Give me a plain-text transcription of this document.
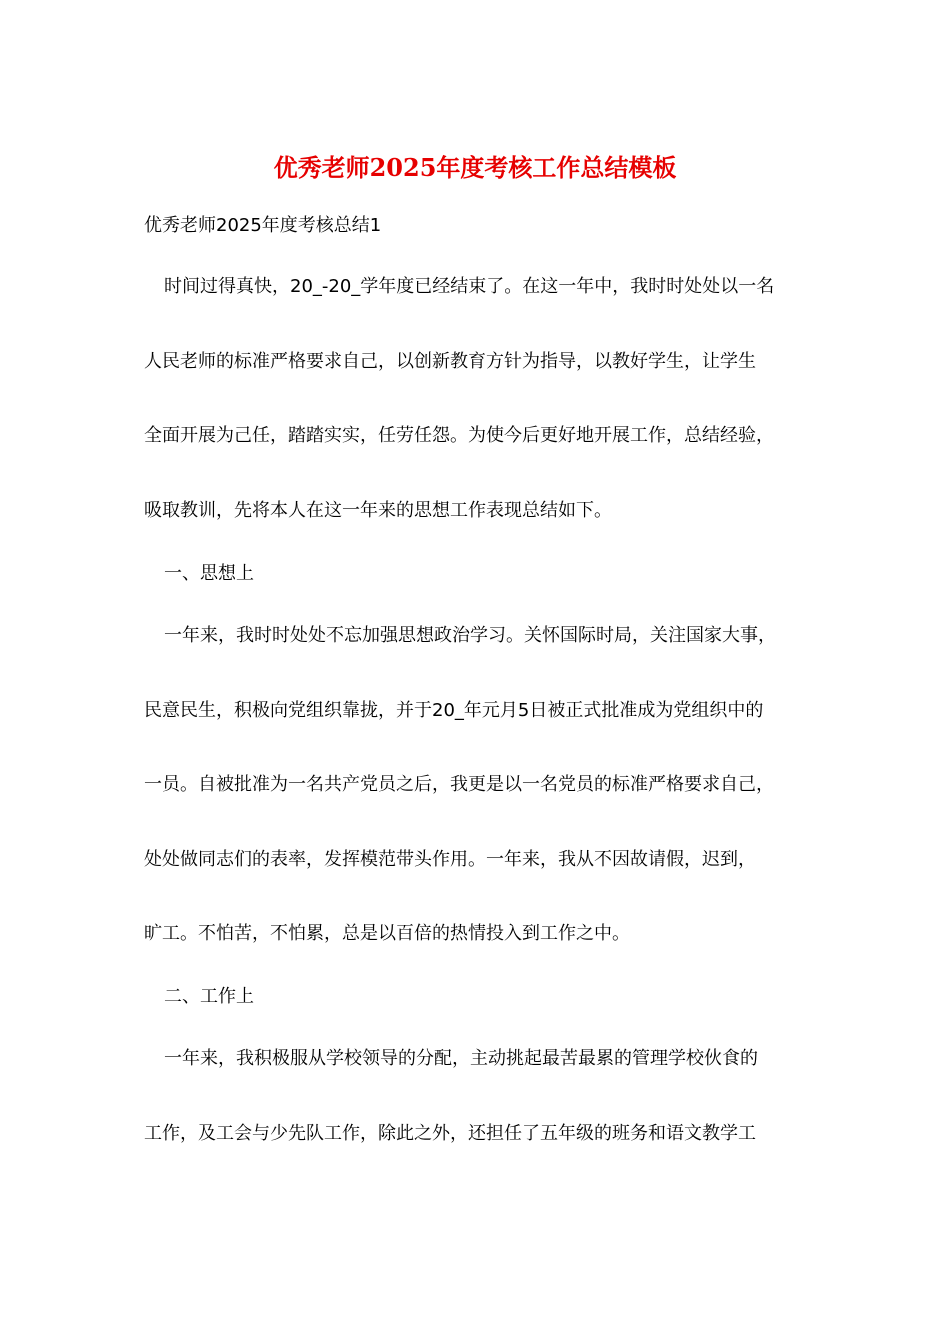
优秀老师2025年度考核工作总结模板
优秀老师2025年度考核总结1
时间过得真快，20_-20_学年度已经结束了。在这一年中，我时时处处以一名
人民老师的标准严格要求自己，以创新教育方针为指导，以教好学生，让学生
全面开展为己任，踏踏实实，任劳任怨。为使今后更好地开展工作，总结经验，
吸取教训，先将本人在这一年来的思想工作表现总结如下。
一、思想上
一年来，我时时处处不忘加强思想政治学习。关怀国际时局，关注国家大事，
民意民生，积极向党组织靠拢，并于20_年元月5日被正式批准成为党组织中的
一员。自被批准为一名共产党员之后，我更是以一名党员的标准严格要求自己，
处处做同志们的表率，发挥模范带头作用。一年来，我从不因故请假，迟到，
旷工。不怕苦，不怕累，总是以百倍的热情投入到工作之中。
二、工作上
一年来，我积极服从学校领导的分配，主动挑起最苦最累的管理学校伙食的
工作，及工会与少先队工作，除此之外，还担任了五年级的班务和语文教学工
